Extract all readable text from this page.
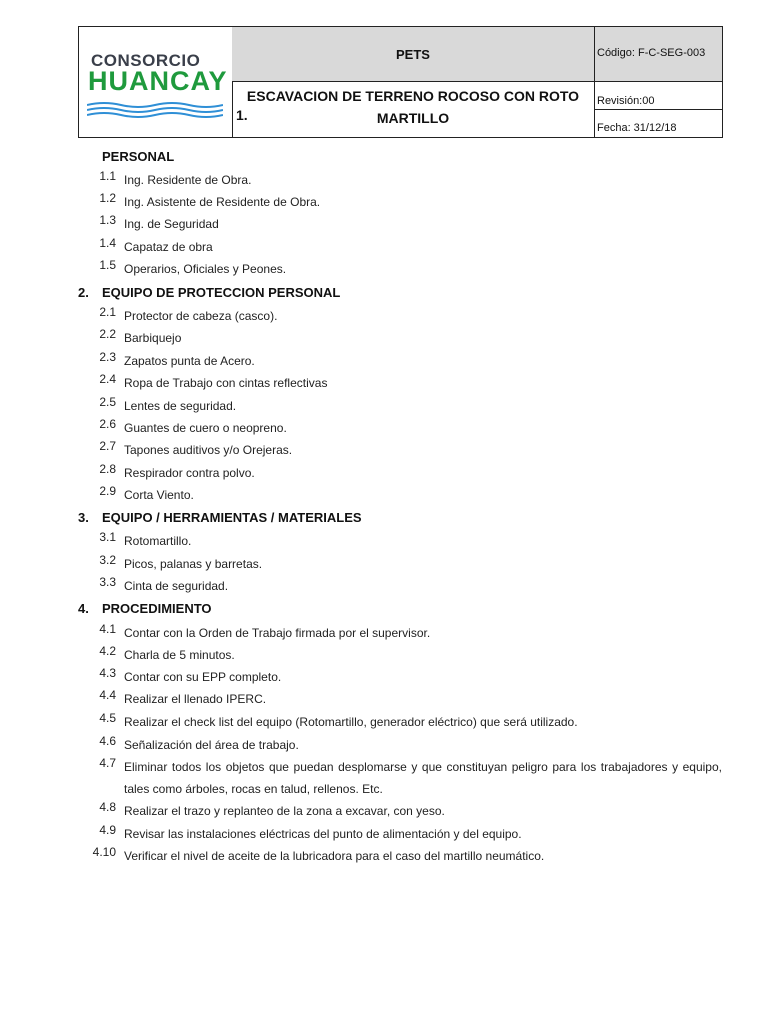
CONSORCIO
HUANCAY
PETS	Código: F-C-SEG-003
ESCAVACION DE TERRENO ROCOSO CON ROTO MARTILLO
1.
Revisión:00
Fecha: 31/12/18
PERSONAL
1.1 Ing. Residente de Obra.
1.2 Ing. Asistente de Residente de Obra.
1.3 Ing. de Seguridad
1.4 Capataz de obra
1.5 Operarios, Oficiales y Peones.
2. EQUIPO DE PROTECCION PERSONAL
2.1 Protector de cabeza (casco).
2.2 Barbiquejo
2.3 Zapatos punta de Acero.
2.4 Ropa de Trabajo con cintas reflectivas
2.5 Lentes de seguridad.
2.6 Guantes de cuero o neopreno.
2.7 Tapones auditivos y/o Orejeras.
2.8 Respirador contra polvo.
2.9 Corta Viento.
3. EQUIPO / HERRAMIENTAS / MATERIALES
3.1 Rotomartillo.
3.2 Picos, palanas y barretas.
3.3 Cinta de seguridad.
4. PROCEDIMIENTO
4.1 Contar con la Orden de Trabajo firmada por el supervisor.
4.2 Charla de 5 minutos.
4.3 Contar con su EPP completo.
4.4 Realizar el llenado IPERC.
4.5 Realizar el check list del equipo (Rotomartillo, generador eléctrico) que será utilizado.
4.6 Señalización del área de trabajo.
4.7 Eliminar todos los objetos que puedan desplomarse y que constituyan peligro para los trabajadores y equipo, tales como árboles, rocas en talud, rellenos. Etc.
4.8 Realizar el trazo y replanteo de la zona a excavar, con yeso.
4.9 Revisar las instalaciones eléctricas del punto de alimentación y del equipo.
4.10 Verificar el nivel de aceite de la lubricadora para el caso del martillo neumático.
